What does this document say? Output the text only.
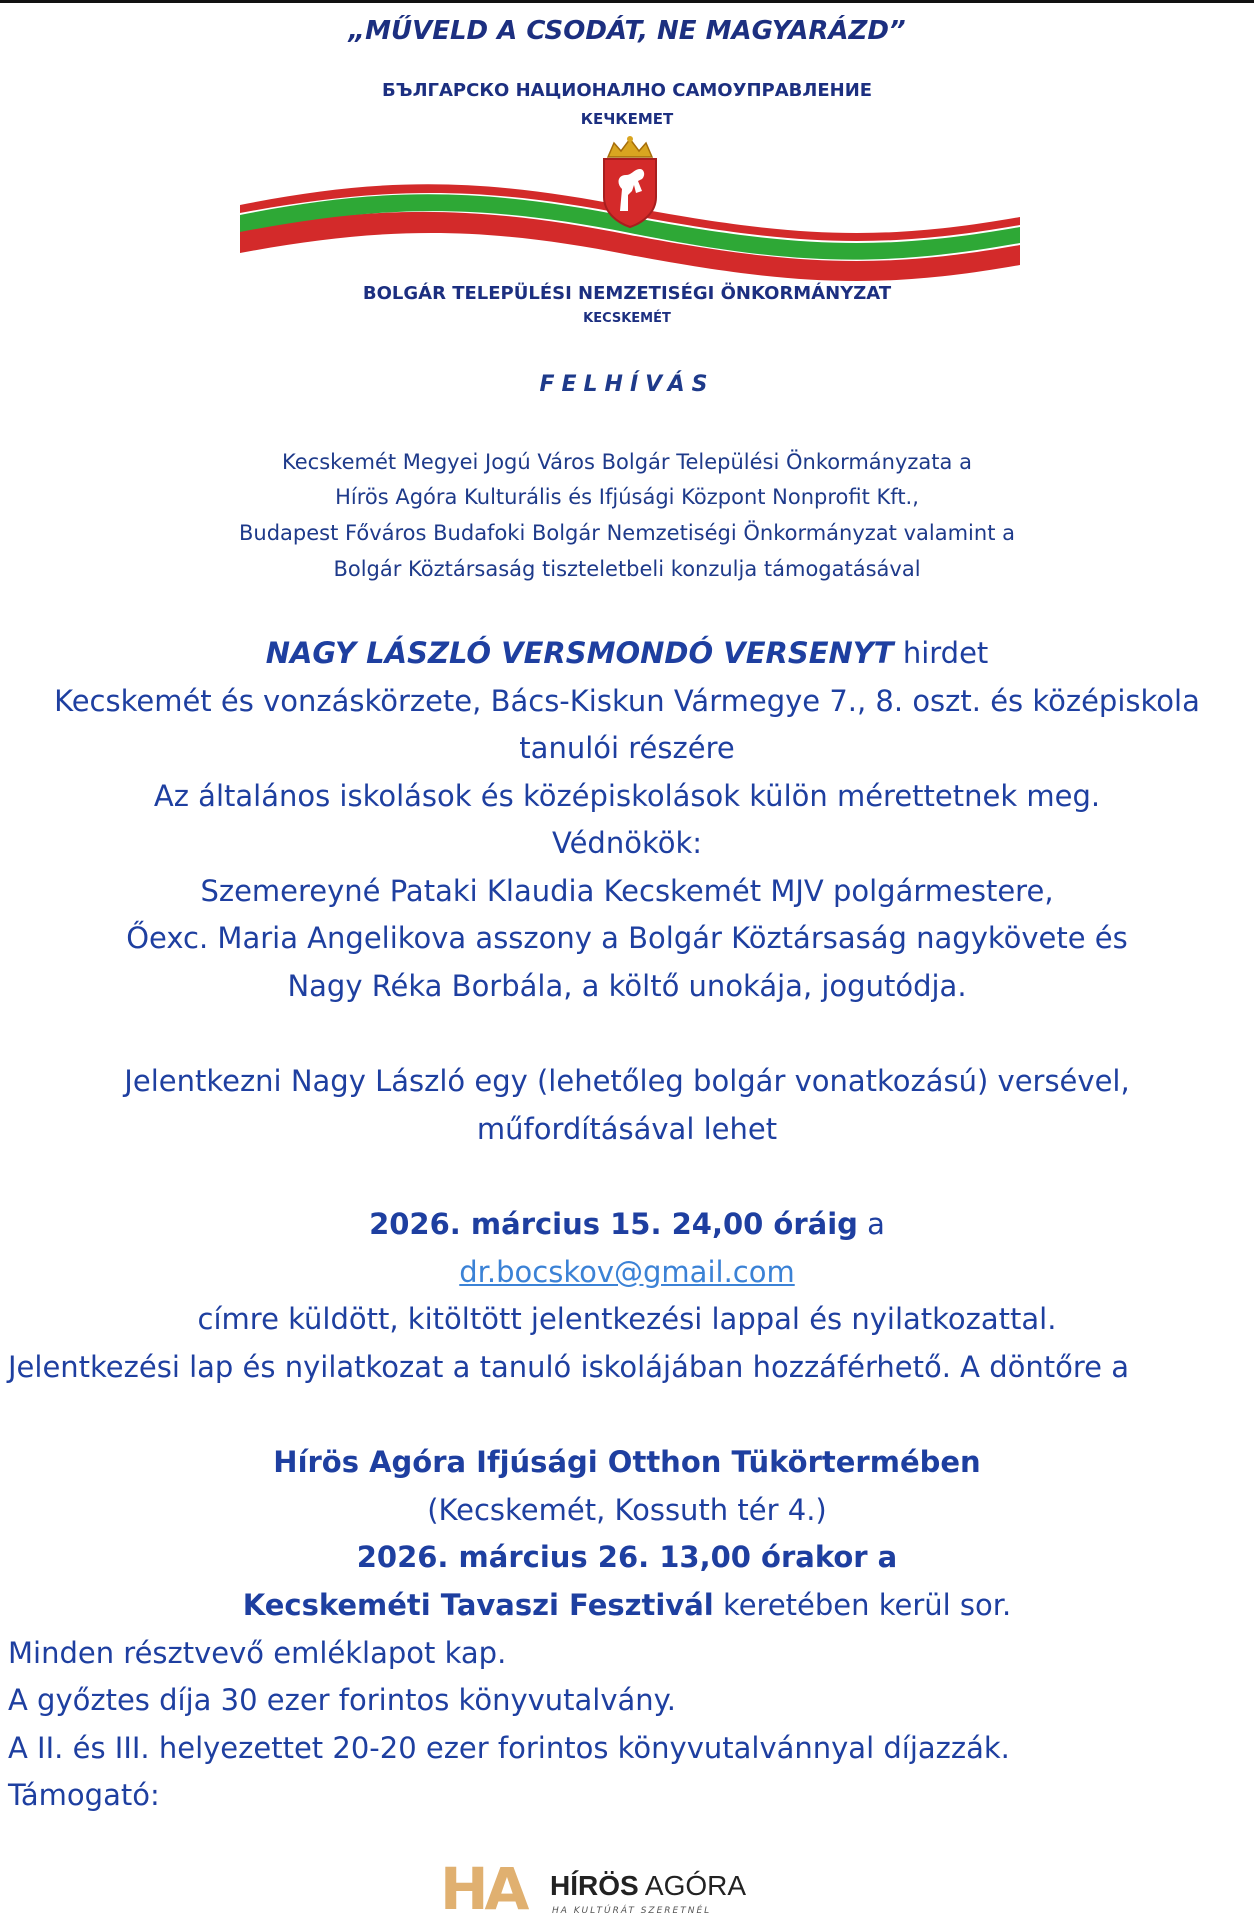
„MŰVELD A CSODÁT, NE MAGYARÁZD”
БЪЛГАРСКО НАЦИОНАЛНО САМОУПРАВЛЕНИЕ
КЕЧКЕМЕТ
BOLGÁR TELEPÜLÉSI NEMZETISÉGI ÖNKORMÁNYZAT
KECSKEMÉT
FELHÍVÁS
Kecskemét Megyei Jogú Város Bolgár Települési Önkormányzata a
Hírös Agóra Kulturális és Ifjúsági Központ Nonprofit Kft.,
Budapest Főváros Budafoki Bolgár Nemzetiségi Önkormányzat valamint a
Bolgár Köztársaság tiszteletbeli konzulja támogatásával
NAGY LÁSZLÓ VERSMONDÓ VERSENYT hirdet
Kecskemét és vonzáskörzete, Bács-Kiskun Vármegye 7., 8. oszt. és középiskola
tanulói részére
Az általános iskolások és középiskolások külön mérettetnek meg.
Védnökök:
Szemereyné Pataki Klaudia Kecskemét MJV polgármestere,
Őexc. Maria Angelikova asszony a Bolgár Köztársaság nagykövete és
Nagy Réka Borbála, a költő unokája, jogutódja.
Jelentkezni Nagy László egy (lehetőleg bolgár vonatkozású) versével,
műfordításával lehet
2026. március 15. 24,00 óráig a
dr.bocskov@gmail.com
címre küldött, kitöltött jelentkezési lappal és nyilatkozattal.
Jelentkezési lap és nyilatkozat a tanuló iskolájában hozzáférhető. A döntőre a
Hírös Agóra Ifjúsági Otthon Tükörtermében
(Kecskemét, Kossuth tér 4.)
2026. március 26. 13,00 órakor a
Kecskeméti Tavaszi Fesztivál keretében kerül sor.
Minden résztvevő emléklapot kap.
A győztes díja 30 ezer forintos könyvutalvány.
A II. és III. helyezettet 20-20 ezer forintos könyvutalvánnyal díjazzák.
Támogató:
HA HÍRÖS AGÓRA
HA KULTÚRÁT SZERETNÉL
